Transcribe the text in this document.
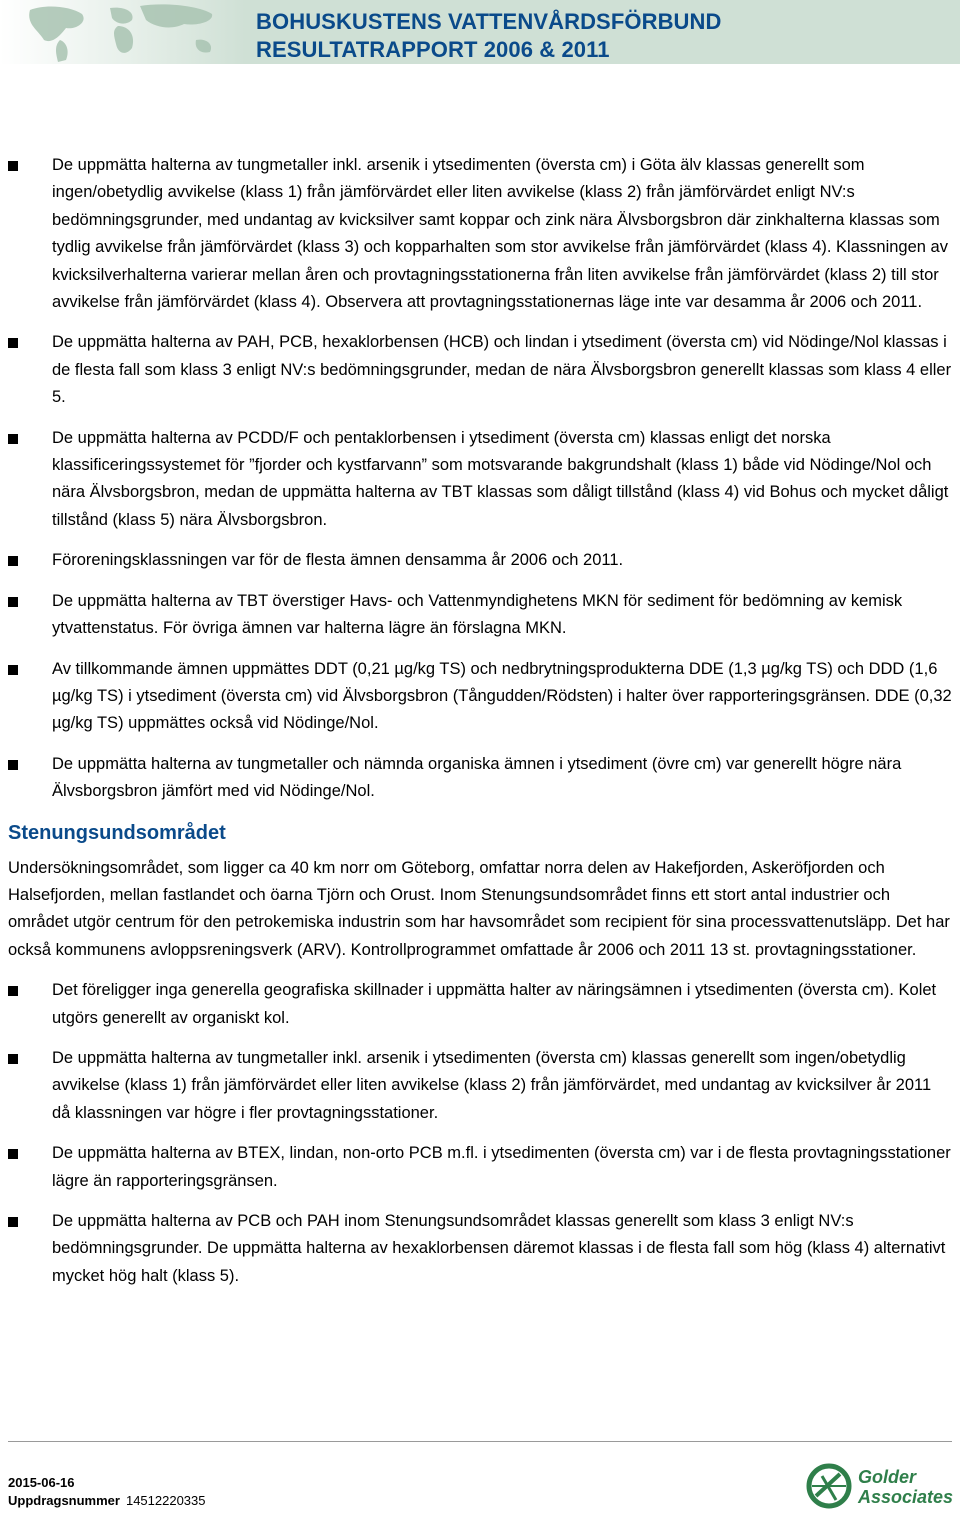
BOHUSKUSTENS VATTENVÅRDSFÖRBUND
RESULTATRAPPORT 2006 & 2011
De uppmätta halterna av tungmetaller inkl. arsenik i ytsedimenten (översta cm) i Göta älv klassas generellt som ingen/obetydlig avvikelse (klass 1) från jämförvärdet eller liten avvikelse (klass 2) från jämförvärdet enligt NV:s bedömningsgrunder, med undantag av kvicksilver samt koppar och zink nära Älvsborgsbron där zinkhalterna klassas som tydlig avvikelse från jämförvärdet (klass 3) och kopparhalten som stor avvikelse från jämförvärdet (klass 4). Klassningen av kvicksilverhalterna varierar mellan åren och provtagningsstationerna från liten avvikelse från jämförvärdet (klass 2) till stor avvikelse från jämförvärdet (klass 4). Observera att provtagningsstationernas läge inte var desamma år 2006 och 2011.
De uppmätta halterna av PAH, PCB, hexaklorbensen (HCB) och lindan i ytsediment (översta cm) vid Nödinge/Nol klassas i de flesta fall som klass 3 enligt NV:s bedömningsgrunder, medan de nära Älvsborgsbron generellt klassas som klass 4 eller 5.
De uppmätta halterna av PCDD/F och pentaklorbensen i ytsediment (översta cm) klassas enligt det norska klassificeringssystemet för ”fjorder och kystfarvann” som motsvarande bakgrundshalt (klass 1) både vid Nödinge/Nol och nära Älvsborgsbron, medan de uppmätta halterna av TBT klassas som dåligt tillstånd (klass 4) vid Bohus och mycket dåligt tillstånd (klass 5) nära Älvsborgsbron.
Föroreningsklassningen var för de flesta ämnen densamma år 2006 och 2011.
De uppmätta halterna av TBT överstiger Havs- och Vattenmyndighetens MKN för sediment för bedömning av kemisk ytvattenstatus. För övriga ämnen var halterna lägre än förslagna MKN.
Av tillkommande ämnen uppmättes DDT (0,21 µg/kg TS) och nedbrytningsprodukterna DDE (1,3 µg/kg TS) och DDD (1,6 µg/kg TS) i ytsediment (översta cm) vid Älvsborgsbron (Tångudden/Rödsten) i halter över rapporteringsgränsen. DDE (0,32 µg/kg TS) uppmättes också vid Nödinge/Nol.
De uppmätta halterna av tungmetaller och nämnda organiska ämnen i ytsediment (övre cm) var generellt högre nära Älvsborgsbron jämfört med vid Nödinge/Nol.
Stenungsundsområdet

Undersökningsområdet, som ligger ca 40 km norr om Göteborg, omfattar norra delen av Hakefjorden, Askeröfjorden och Halsefjorden, mellan fastlandet och öarna Tjörn och Orust. Inom Stenungsundsområdet finns ett stort antal industrier och området utgör centrum för den petrokemiska industrin som har havsområdet som recipient för sina processvattenutsläpp. Det har också kommunens avloppsreningsverk (ARV). Kontrollprogrammet omfattade år 2006 och 2011 13 st. provtagningsstationer.

Det föreligger inga generella geografiska skillnader i uppmätta halter av näringsämnen i ytsedimenten (översta cm). Kolet utgörs generellt av organiskt kol.
De uppmätta halterna av tungmetaller inkl. arsenik i ytsedimenten (översta cm) klassas generellt som ingen/obetydlig avvikelse (klass 1) från jämförvärdet eller liten avvikelse (klass 2) från jämförvärdet, med undantag av kvicksilver år 2011 då klassningen var högre i fler provtagningsstationer.
De uppmätta halterna av BTEX, lindan, non-orto PCB m.fl. i ytsedimenten (översta cm) var i de flesta provtagningsstationer lägre än rapporteringsgränsen.
De uppmätta halterna av PCB och PAH inom Stenungsundsområdet klassas generellt som klass 3 enligt NV:s bedömningsgrunder. De uppmätta halterna av hexaklorbensen däremot klassas i de flesta fall som hög (klass 4) alternativt mycket hög halt (klass 5).
2015-06-16
Uppdragsnummer 14512220335
Golder
Associates
